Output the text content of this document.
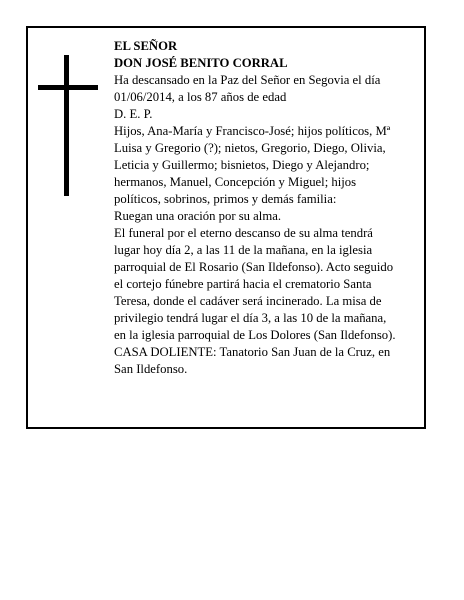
EL SEÑOR
DON JOSÉ BENITO CORRAL
Ha descansado en la Paz del Señor en Segovia el día
01/06/2014, a los 87 años de edad
D. E. P.
Hijos, Ana-María y Francisco-José; hijos políticos, Mª
Luisa y Gregorio (?); nietos, Gregorio, Diego, Olivia,
Leticia y Guillermo; bisnietos, Diego y Alejandro;
hermanos, Manuel, Concepción y Miguel; hijos
políticos, sobrinos, primos y demás familia:
Ruegan una oración por su alma.
El funeral por el eterno descanso de su alma tendrá
lugar hoy día 2, a las 11 de la mañana, en la iglesia
parroquial de El Rosario (San Ildefonso). Acto seguido
el cortejo fúnebre partirá hacia el crematorio Santa
Teresa, donde el cadáver será incinerado. La misa de
privilegio tendrá lugar el día 3, a las 10 de la mañana,
en la iglesia parroquial de Los Dolores (San Ildefonso).
CASA DOLIENTE: Tanatorio San Juan de la Cruz, en
San Ildefonso.
